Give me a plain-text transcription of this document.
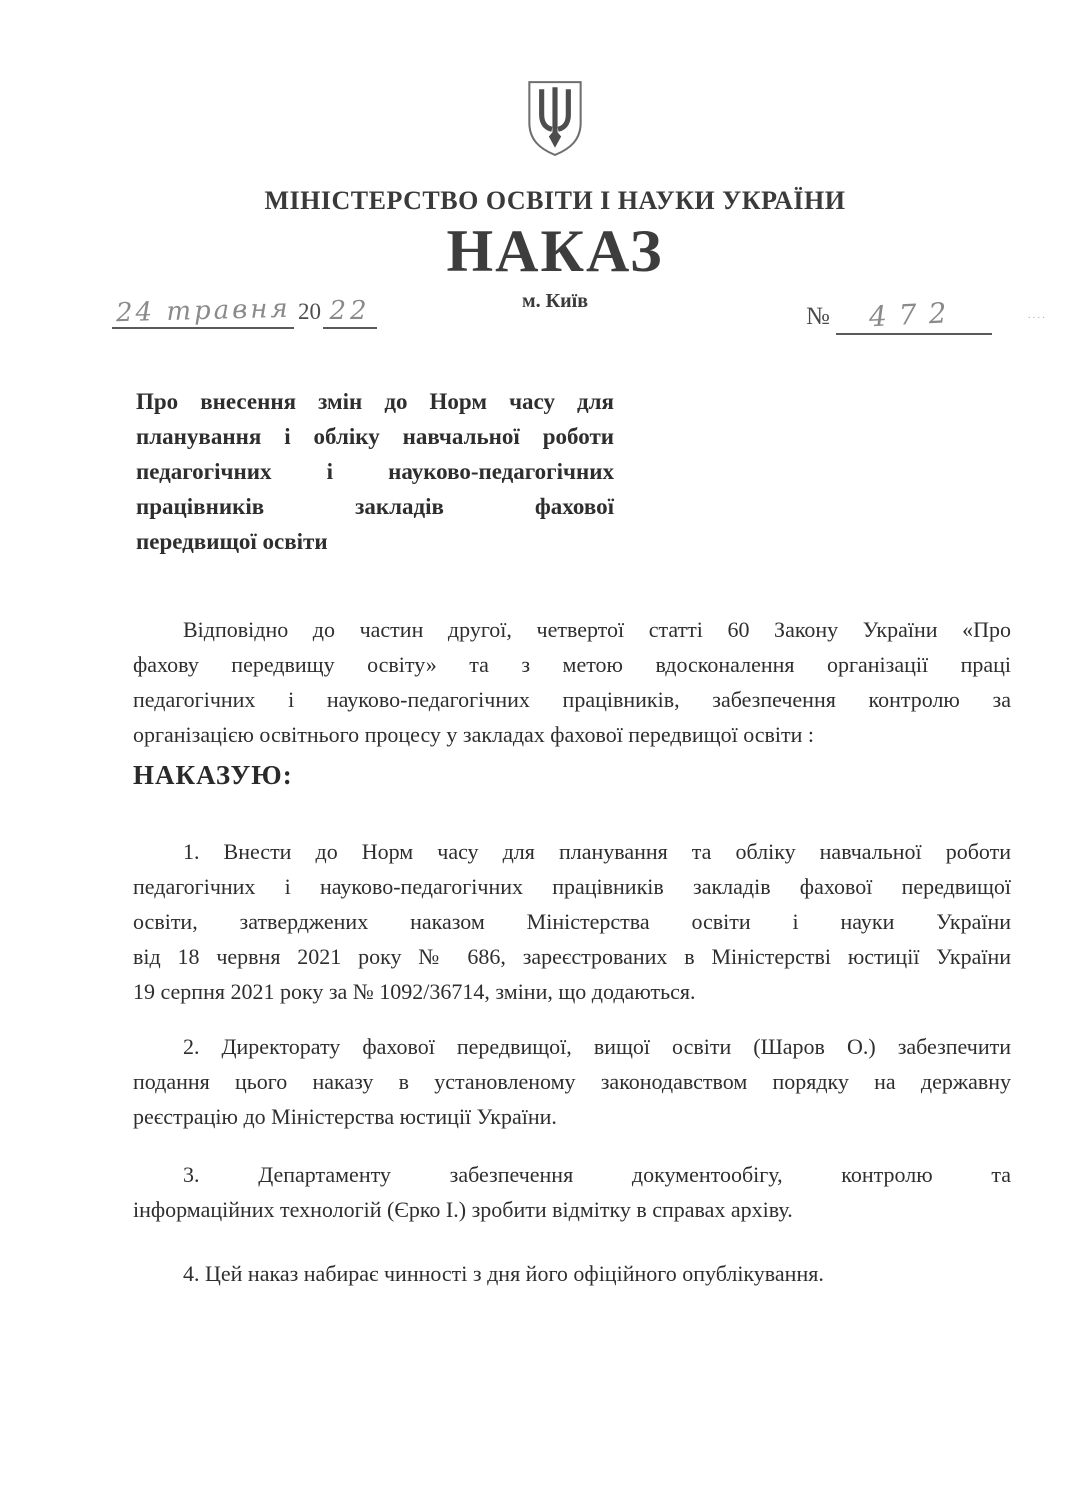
МІНІСТЕРСТВО ОСВІТИ І НАУКИ УКРАЇНИ
НАКАЗ
м. Київ
24 травня 20 22	№ 472	....
Про внесення змін до Норм часу для
планування і обліку навчальної роботи
педагогічних і науково-педагогічних
працівників закладів фахової
передвищої освіти
Відповідно до частин другої, четвертої статті 60 Закону України «Про
фахову передвищу освіту» та з метою вдосконалення організації праці
педагогічних і науково-педагогічних працівників, забезпечення контролю за
організацією освітнього процесу у закладах фахової передвищої освіти :
НАКАЗУЮ:
1. Внести до Норм часу для планування та обліку навчальної роботи
педагогічних і науково-педагогічних працівників закладів фахової передвищої
освіти, затверджених наказом Міністерства освіти і науки України
від 18 червня 2021 року № 686, зареєстрованих в Міністерстві юстиції України
19 серпня 2021 року за № 1092/36714, зміни, що додаються.
2. Директорату фахової передвищої, вищої освіти (Шаров О.) забезпечити
подання цього наказу в установленому законодавством порядку на державну
реєстрацію до Міністерства юстиції України.
3. Департаменту забезпечення документообігу, контролю та
інформаційних технологій (Єрко І.) зробити відмітку в справах архіву.
4. Цей наказ набирає чинності з дня його офіційного опублікування.
